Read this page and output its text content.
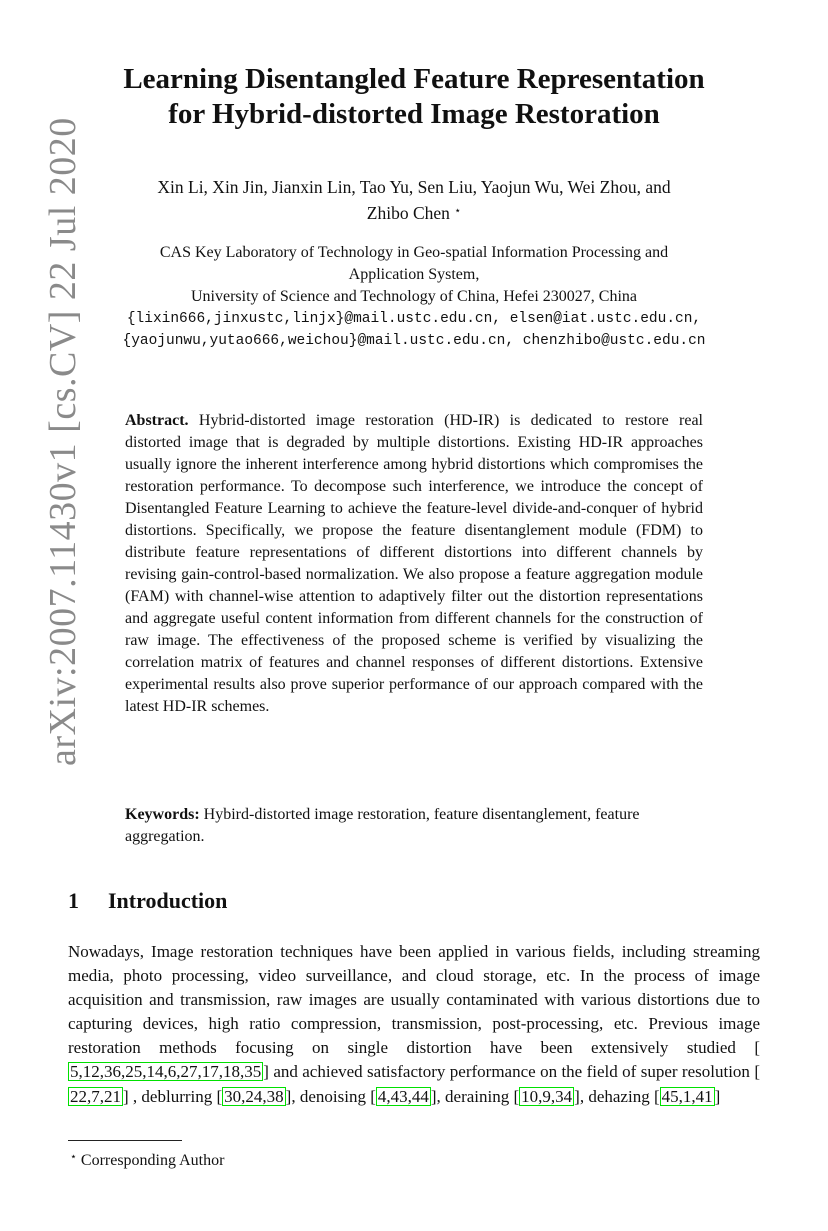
arXiv:2007.11430v1 [cs.CV] 22 Jul 2020
Learning Disentangled Feature Representation
for Hybrid-distorted Image Restoration
Xin Li, Xin Jin, Jianxin Lin, Tao Yu, Sen Liu, Yaojun Wu, Wei Zhou, and
Zhibo Chen ⋆
CAS Key Laboratory of Technology in Geo-spatial Information Processing and
Application System,
University of Science and Technology of China, Hefei 230027, China
{lixin666,jinxustc,linjx}@mail.ustc.edu.cn, elsen@iat.ustc.edu.cn,
{yaojunwu,yutao666,weichou}@mail.ustc.edu.cn, chenzhibo@ustc.edu.cn
Abstract. Hybrid-distorted image restoration (HD-IR) is dedicated to restore real distorted image that is degraded by multiple distortions. Existing HD-IR approaches usually ignore the inherent interference among hybrid distortions which compromises the restoration performance. To decompose such interference, we introduce the concept of Disentangled Feature Learning to achieve the feature-level divide-and-conquer of hybrid distortions. Specifically, we propose the feature disentanglement module (FDM) to distribute feature representations of different distortions into different channels by revising gain-control-based normalization. We also propose a feature aggregation module (FAM) with channel-wise attention to adaptively filter out the distortion representations and aggregate useful content information from different channels for the construction of raw image. The effectiveness of the proposed scheme is verified by visualizing the correlation matrix of features and channel responses of different distortions. Extensive experimental results also prove superior performance of our approach compared with the latest HD-IR schemes.
Keywords: Hybird-distorted image restoration, feature disentanglement, feature aggregation.
1 Introduction
Nowadays, Image restoration techniques have been applied in various fields, including streaming media, photo processing, video surveillance, and cloud storage, etc. In the process of image acquisition and transmission, raw images are usually contaminated with various distortions due to capturing devices, high ratio compression, transmission, post-processing, etc. Previous image restoration methods focusing on single distortion have been extensively studied [5,12,36,25,14,6,27,17,18,35 ] and achieved satisfactory performance on the field of super resolution [22,7,21 ] , deblurring [ 30,24,38 ], denoising [ 4,43,44 ], deraining [ 10,9,34 ], dehazing [ 45,1,41 ]
⋆ Corresponding Author
